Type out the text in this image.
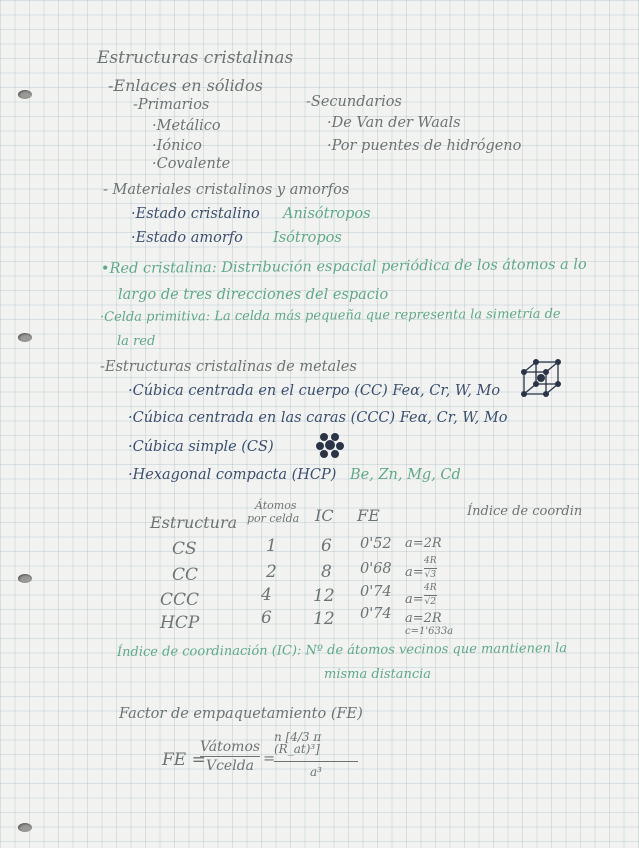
Estructuras cristalinas
-Enlaces en sólidos
-Primarios
·Metálico
·Iónico
·Covalente
-Secundarios
·De Van der Waals
·Por puentes de hidrógeno
- Materiales cristalinos y amorfos
·Estado cristalino Anisótropos
·Estado amorfo Isótropos
•Red cristalina: Distribución espacial periódica de los átomos a lo
largo de tres direcciones del espacio
·Celda primitiva: La celda más pequeña que representa la simetría de
la red
-Estructuras cristalinas de metales
·Cúbica centrada en el cuerpo (CC) Feα, Cr, W, Mo
·Cúbica centrada en las caras (CCC) Feα, Cr, W, Mo
·Cúbica simple (CS)
·Hexagonal compacta (HCP) Be, Zn, Mg, Cd
Estructura
Átomos
por celda IC FE	Índice de coordin
CS	1	6 0'52 a=2R
CC	2	8 0'68 a=
4R
√3
CCC	4 12 0'74 a=
4R
√2
HCP	6 12 0'74 a=2R
c=1'633a
Índice de coordinación (IC): Nº de átomos vecinos que mantienen la
misma distancia
Factor de empaquetamiento (FE)
FE =
Vátomos
Vcelda =
n [4/3 π (R_at)³]
a³
